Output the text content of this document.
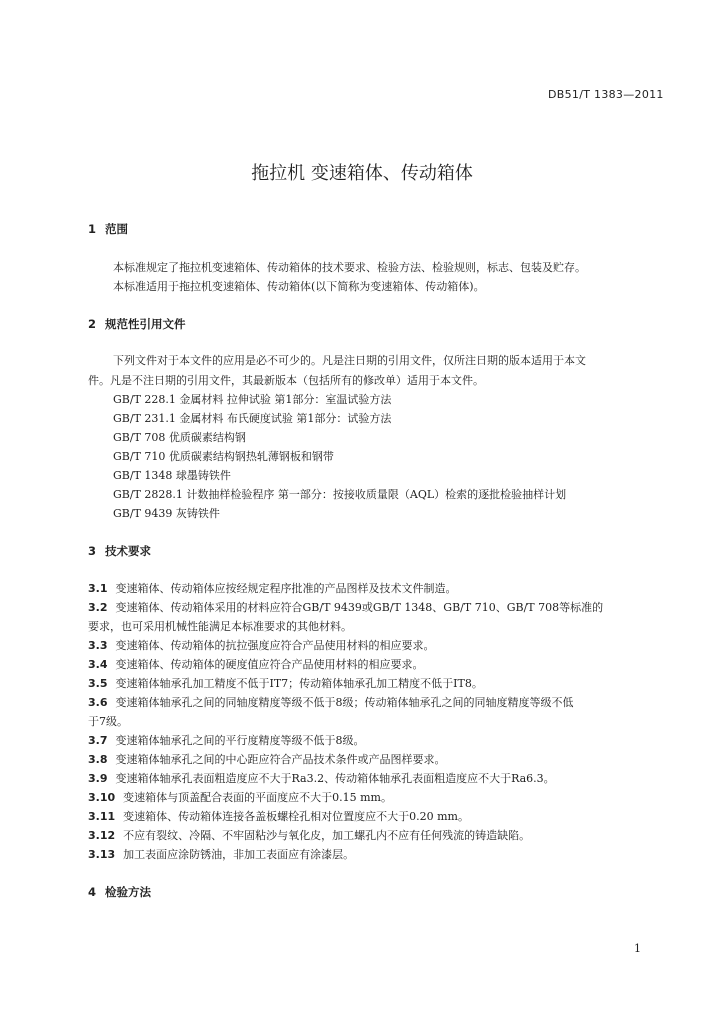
DB51/T 1383—2011
拖拉机 变速箱体、传动箱体
1 范围
本标准规定了拖拉机变速箱体、传动箱体的技术要求、检验方法、检验规则，标志、包装及贮存。
本标准适用于拖拉机变速箱体、传动箱体(以下简称为变速箱体、传动箱体)。
2 规范性引用文件
下列文件对于本文件的应用是必不可少的。凡是注日期的引用文件，仅所注日期的版本适用于本文
件。凡是不注日期的引用文件，其最新版本（包括所有的修改单）适用于本文件。
GB/T 228.1 金属材料 拉伸试验 第1部分：室温试验方法
GB/T 231.1 金属材料 布氏硬度试验 第1部分：试验方法
GB/T 708 优质碳素结构钢
GB/T 710 优质碳素结构钢热轧薄钢板和钢带
GB/T 1348 球墨铸铁件
GB/T 2828.1 计数抽样检验程序 第一部分：按接收质量限（AQL）检索的逐批检验抽样计划
GB/T 9439 灰铸铁件
3 技术要求
3.1 变速箱体、传动箱体应按经规定程序批准的产品图样及技术文件制造。
3.2 变速箱体、传动箱体采用的材料应符合GB/T 9439或GB/T 1348、GB/T 710、GB/T 708等标准的
要求，也可采用机械性能满足本标准要求的其他材料。
3.3 变速箱体、传动箱体的抗拉强度应符合产品使用材料的相应要求。
3.4 变速箱体、传动箱体的硬度值应符合产品使用材料的相应要求。
3.5 变速箱体轴承孔加工精度不低于IT7；传动箱体轴承孔加工精度不低于IT8。
3.6 变速箱体轴承孔之间的同轴度精度等级不低于8级；传动箱体轴承孔之间的同轴度精度等级不低
于7级。
3.7 变速箱体轴承孔之间的平行度精度等级不低于8级。
3.8 变速箱体轴承孔之间的中心距应符合产品技术条件或产品图样要求。
3.9 变速箱体轴承孔表面粗造度应不大于Ra3.2、传动箱体轴承孔表面粗造度应不大于Ra6.3。
3.10 变速箱体与顶盖配合表面的平面度应不大于0.15 mm。
3.11 变速箱体、传动箱体连接各盖板螺栓孔相对位置度应不大于0.20 mm。
3.12 不应有裂纹、冷隔、不牢固粘沙与氧化皮，加工螺孔内不应有任何残流的铸造缺陷。
3.13 加工表面应涂防锈油，非加工表面应有涂漆层。
4 检验方法
1
